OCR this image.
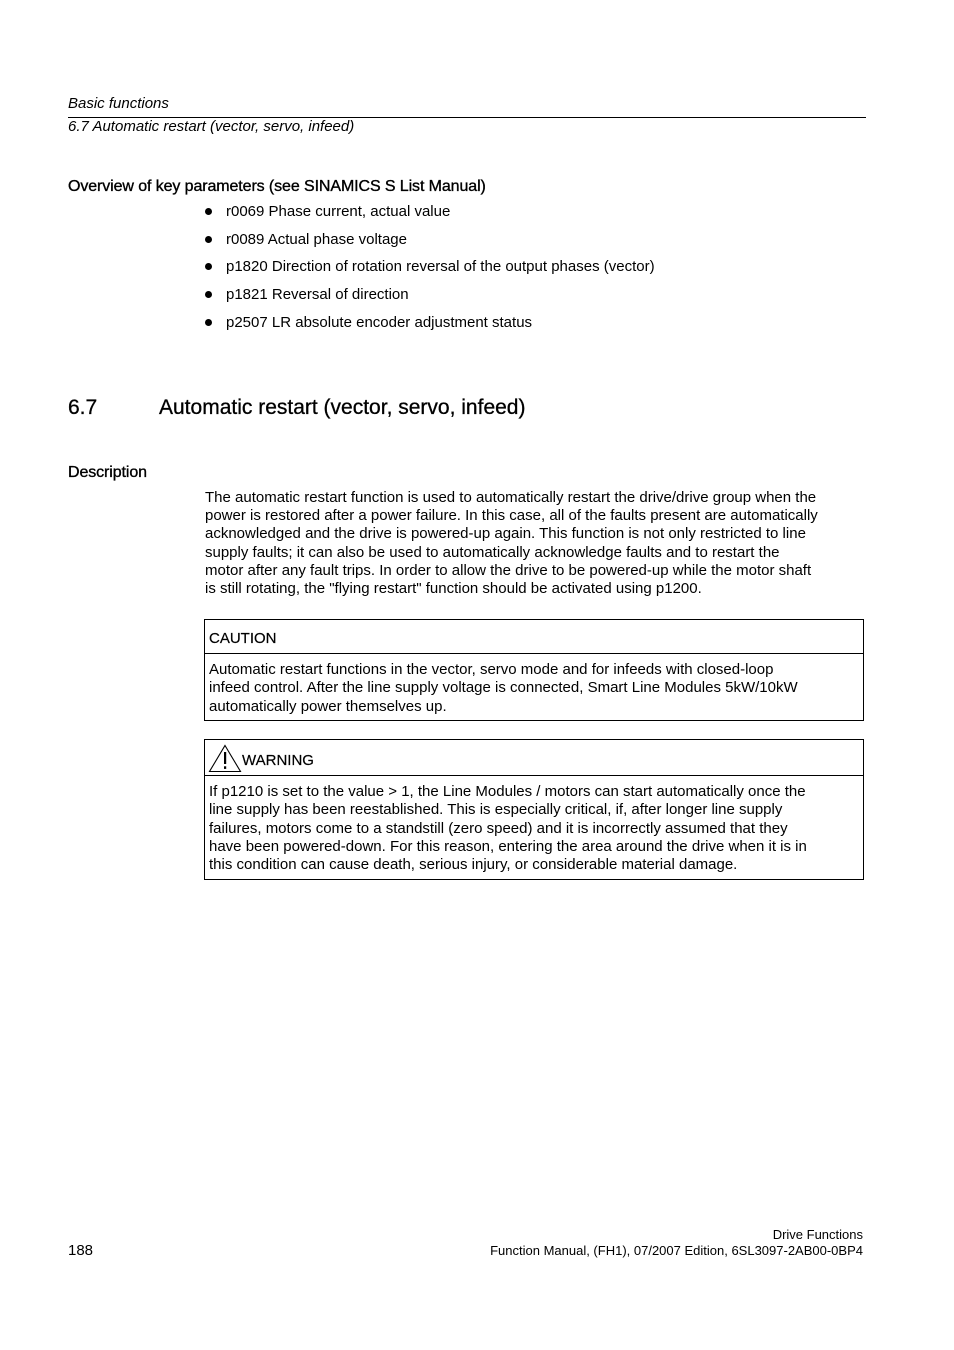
Basic functions
6.7 Automatic restart (vector, servo, infeed)
Overview of key parameters (see SINAMICS S List Manual)
r0069 Phase current, actual value
r0089 Actual phase voltage
p1820 Direction of rotation reversal of the output phases (vector)
p1821 Reversal of direction
p2507 LR absolute encoder adjustment status
6.7	Automatic restart (vector, servo, infeed)
Description
The automatic restart function is used to automatically restart the drive/drive group when the
power is restored after a power failure. In this case, all of the faults present are automatically
acknowledged and the drive is powered-up again. This function is not only restricted to line
supply faults; it can also be used to automatically acknowledge faults and to restart the
motor after any fault trips. In order to allow the drive to be powered-up while the motor shaft
is still rotating, the "flying restart" function should be activated using p1200.
CAUTION
Automatic restart functions in the vector, servo mode and for infeeds with closed-loop
infeed control. After the line supply voltage is connected, Smart Line Modules 5kW/10kW
automatically power themselves up.
WARNING
If p1210 is set to the value > 1, the Line Modules / motors can start automatically once the
line supply has been reestablished. This is especially critical, if, after longer line supply
failures, motors come to a standstill (zero speed) and it is incorrectly assumed that they
have been powered-down. For this reason, entering the area around the drive when it is in
this condition can cause death, serious injury, or considerable material damage.
188
Drive Functions
Function Manual, (FH1), 07/2007 Edition, 6SL3097-2AB00-0BP4
